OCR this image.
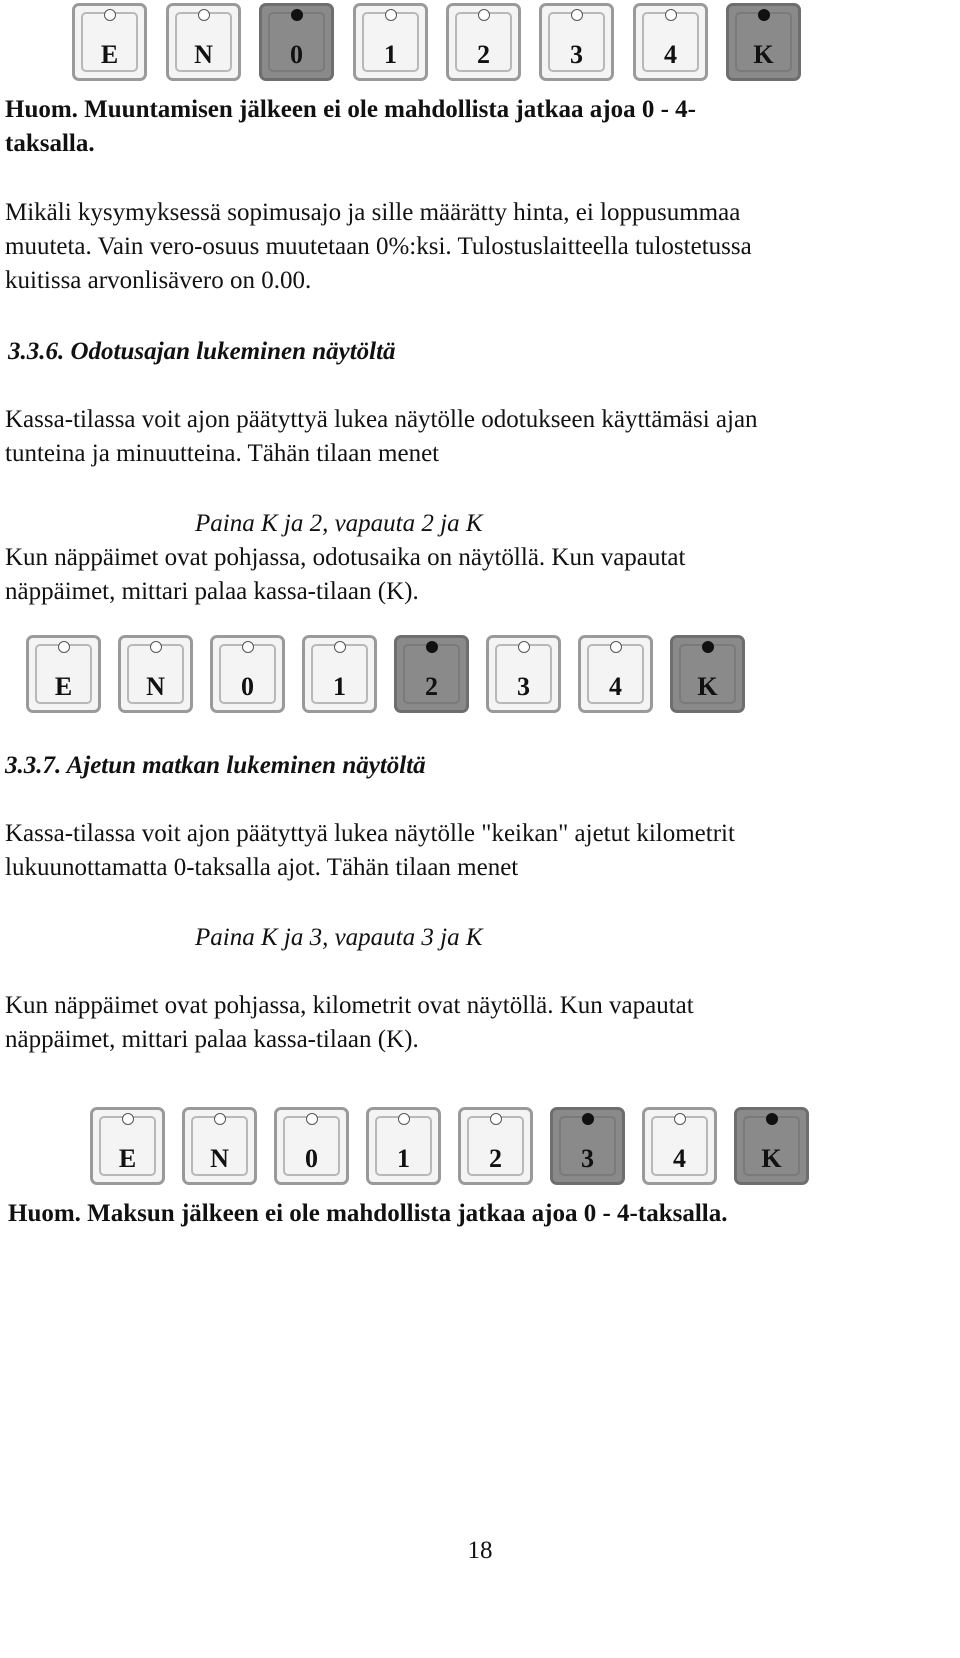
E	N	0	1	2	3	4	K

Huom. Muuntamisen jälkeen ei ole mahdollista jatkaa ajoa 0 - 4-

taksalla.

Mikäli kysymyksessä sopimusajo ja sille määrätty hinta, ei loppusummaa

muuteta. Vain vero-osuus muutetaan 0%:ksi. Tulostuslaitteella tulostetussa

kuitissa arvonlisävero on 0.00.

3.3.6. Odotusajan lukeminen näytöltä

Kassa-tilassa voit ajon päätyttyä lukea näytölle odotukseen käyttämäsi ajan

tunteina ja minuutteina. Tähän tilaan menet

Paina K ja 2, vapauta 2 ja K

Kun näppäimet ovat pohjassa, odotusaika on näytöllä. Kun vapautat

näppäimet, mittari palaa kassa-tilaan (K).

E	N	0	1	2	3	4	K

3.3.7. Ajetun matkan lukeminen näytöltä

Kassa-tilassa voit ajon päätyttyä lukea näytölle "keikan" ajetut kilometrit

lukuunottamatta 0-taksalla ajot. Tähän tilaan menet

Paina K ja 3, vapauta 3 ja K

Kun näppäimet ovat pohjassa, kilometrit ovat näytöllä. Kun vapautat

näppäimet, mittari palaa kassa-tilaan (K).

E	N	0	1	2	3	4	K

Huom. Maksun jälkeen ei ole mahdollista jatkaa ajoa 0 - 4-taksalla.

18
